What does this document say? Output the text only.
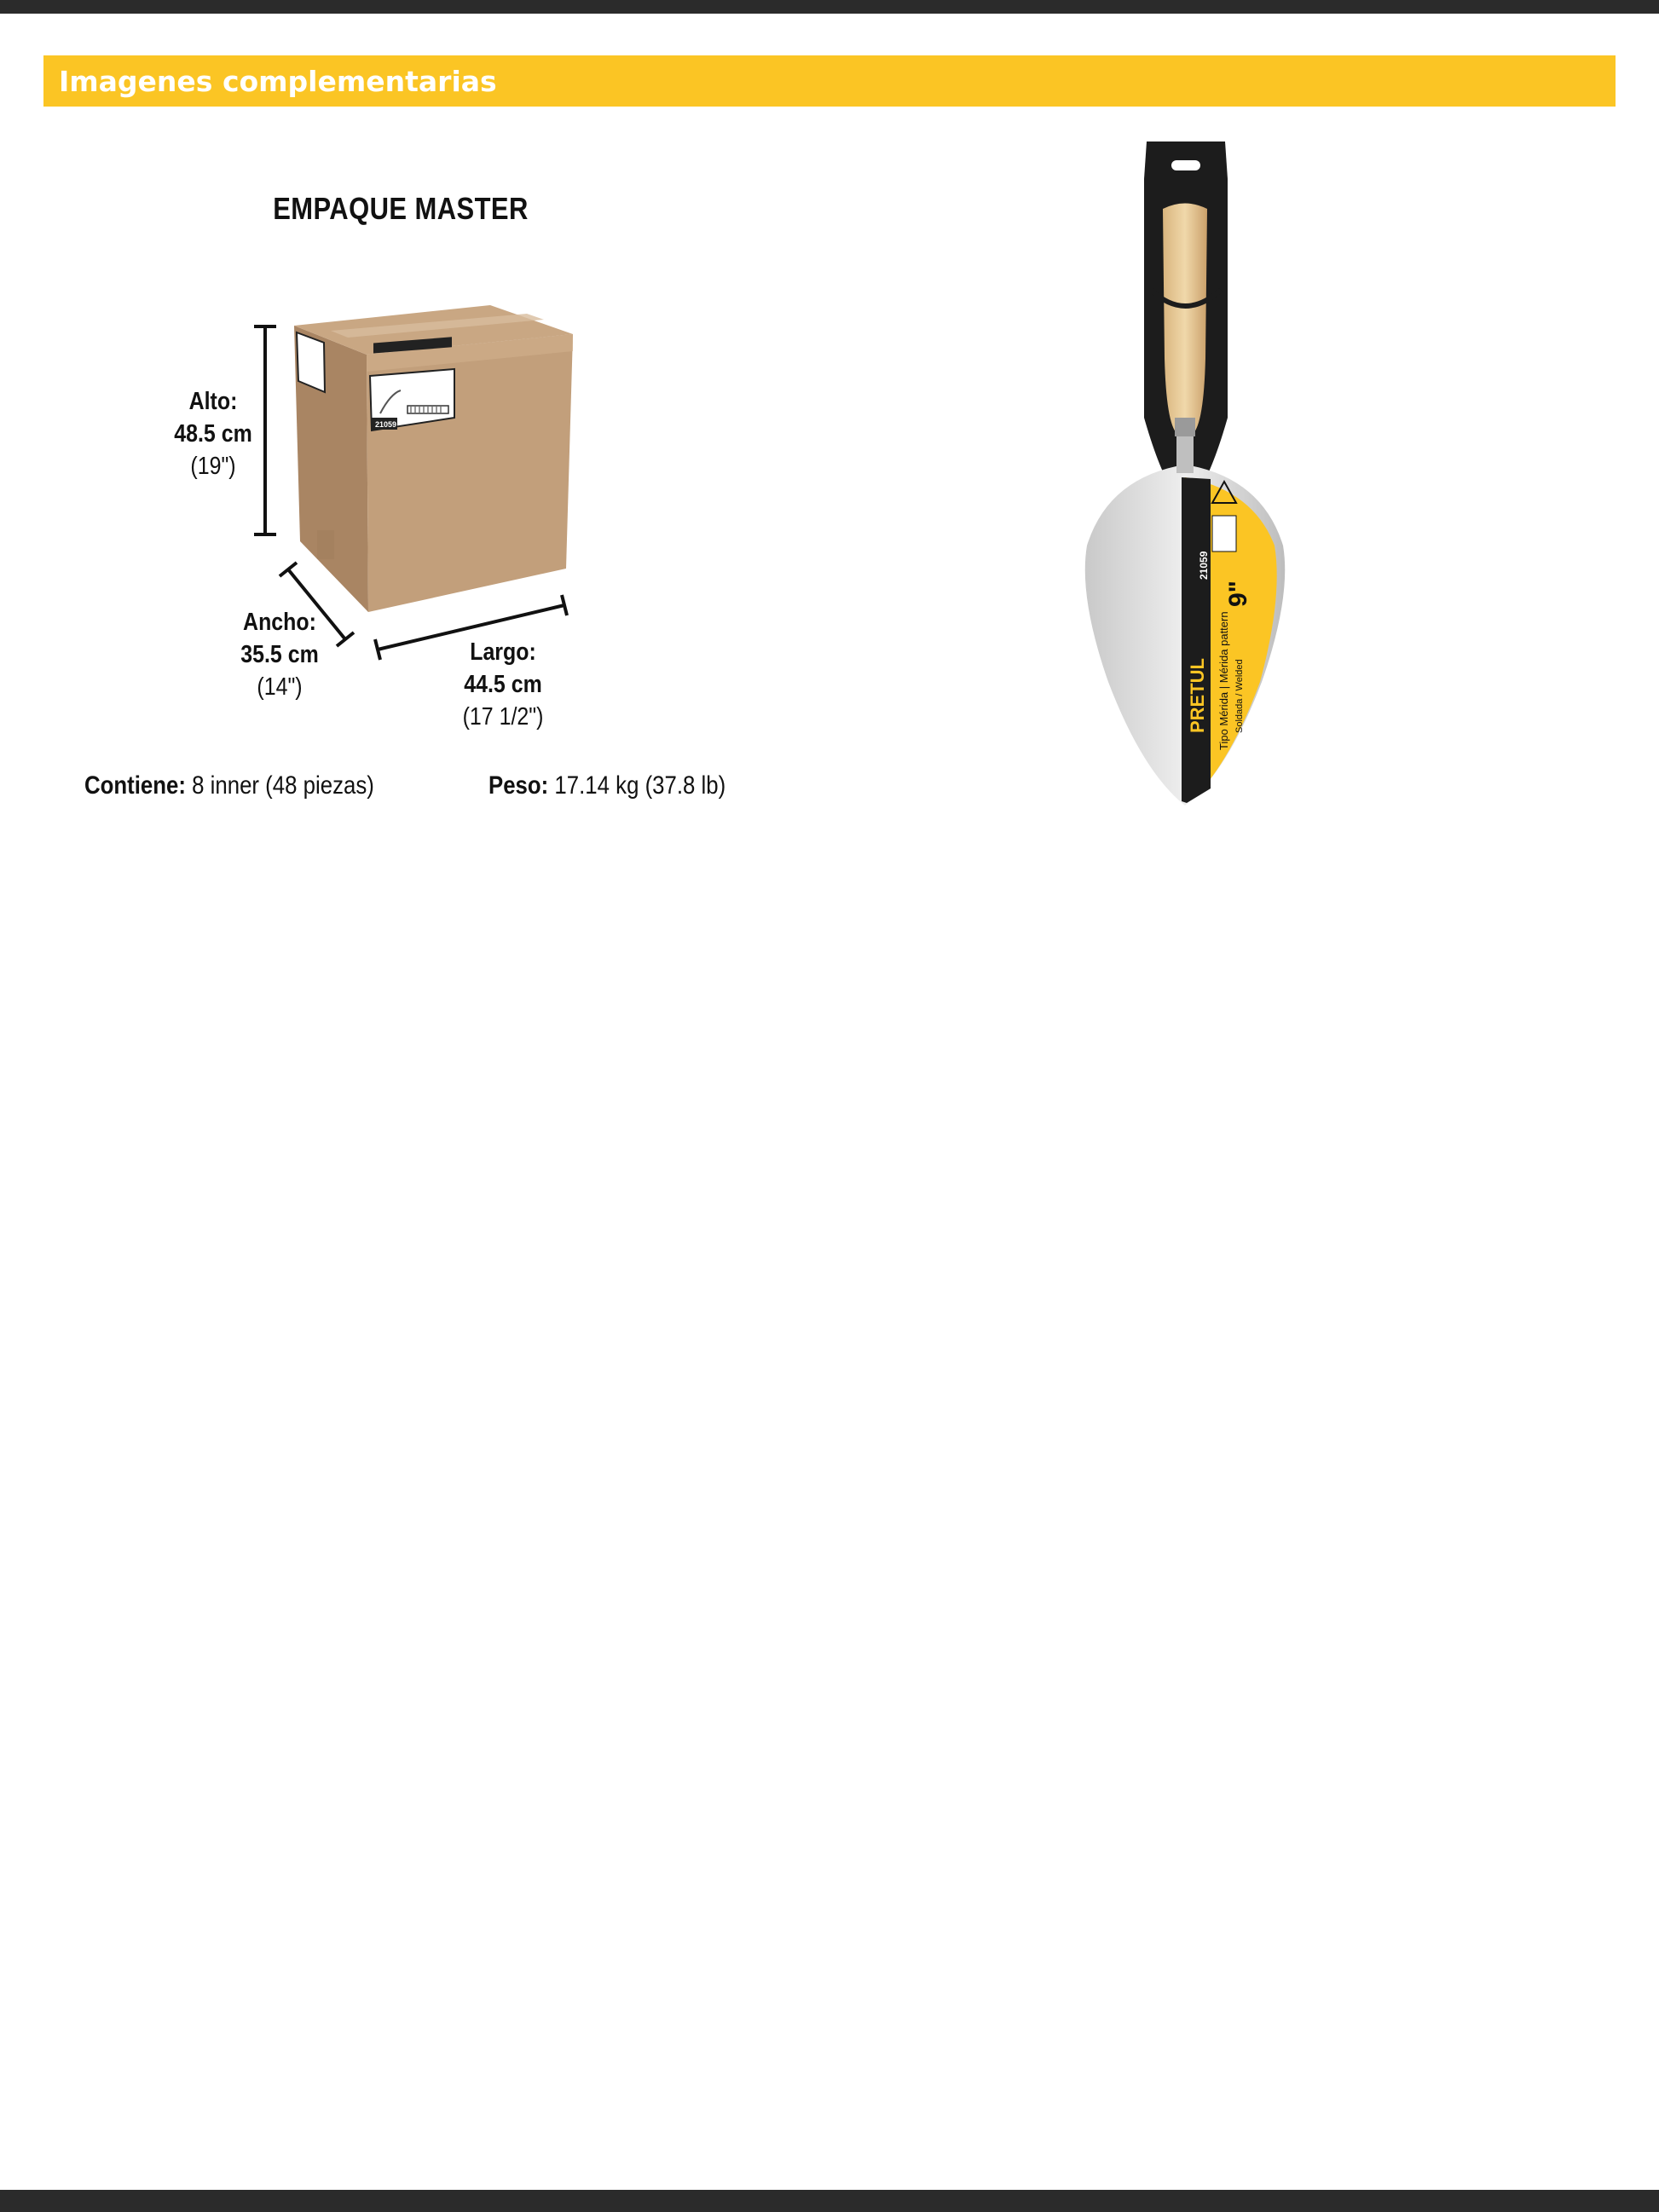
Imagenes complementarias
EMPAQUE MASTER
PRETUL
21059
Alto:
48.5 cm
(19")
Ancho:
35.5 cm
(14")
Largo:
44.5 cm
(17 1/2")
Contiene: 8 inner (48 piezas)	Peso: 17.14 kg (37.8 lb)
PRETUL Tipo Mérida | Mérida pattern Soldada / Welded
21059
9"
